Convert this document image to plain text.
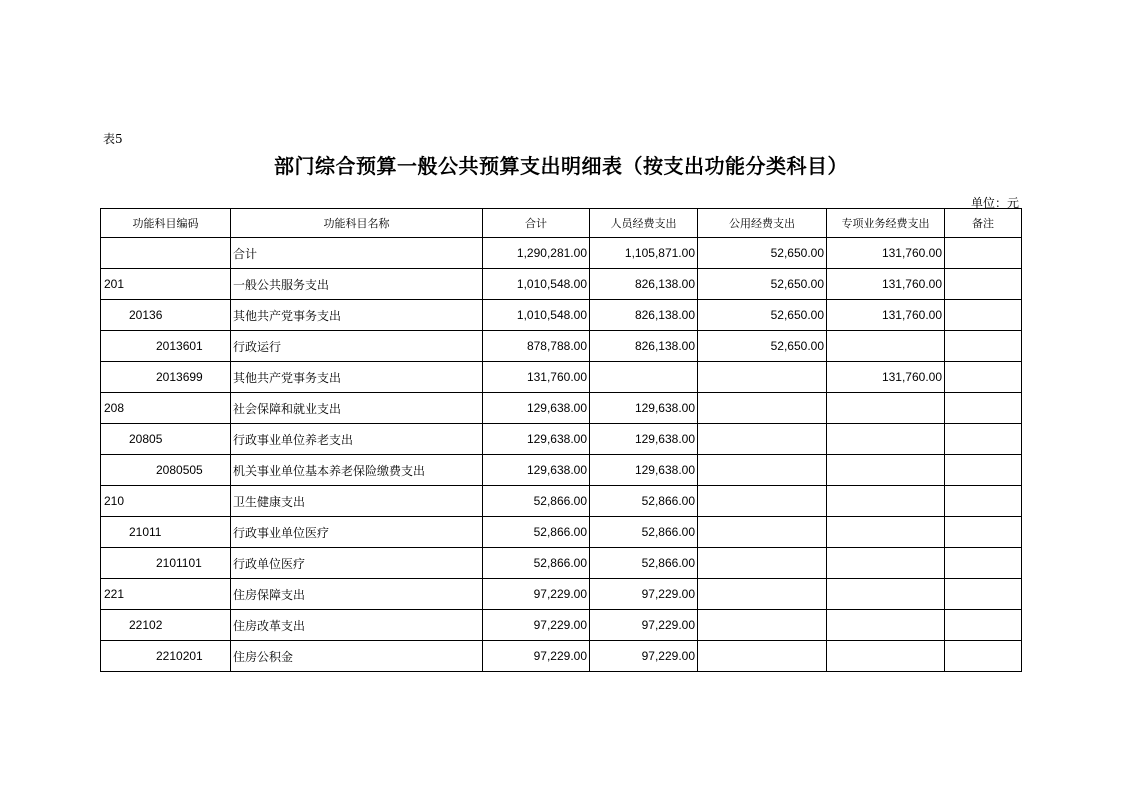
表5
部门综合预算一般公共预算支出明细表（按支出功能分类科目）
单位：元
功能科目编码	功能科目名称	合计	人员经费支出	公用经费支出	专项业务经费支出	备注
	合计	1,290,281.00	1,105,871.00	52,650.00	131,760.00	
201	一般公共服务支出	1,010,548.00	826,138.00	52,650.00	131,760.00	
20136	其他共产党事务支出	1,010,548.00	826,138.00	52,650.00	131,760.00	
2013601	行政运行	878,788.00	826,138.00	52,650.00		
2013699	其他共产党事务支出	131,760.00			131,760.00	
208	社会保障和就业支出	129,638.00	129,638.00			
20805	行政事业单位养老支出	129,638.00	129,638.00			
2080505	机关事业单位基本养老保险缴费支出	129,638.00	129,638.00			
210	卫生健康支出	52,866.00	52,866.00			
21011	行政事业单位医疗	52,866.00	52,866.00			
2101101	行政单位医疗	52,866.00	52,866.00			
221	住房保障支出	97,229.00	97,229.00			
22102	住房改革支出	97,229.00	97,229.00			
2210201	住房公积金	97,229.00	97,229.00			
